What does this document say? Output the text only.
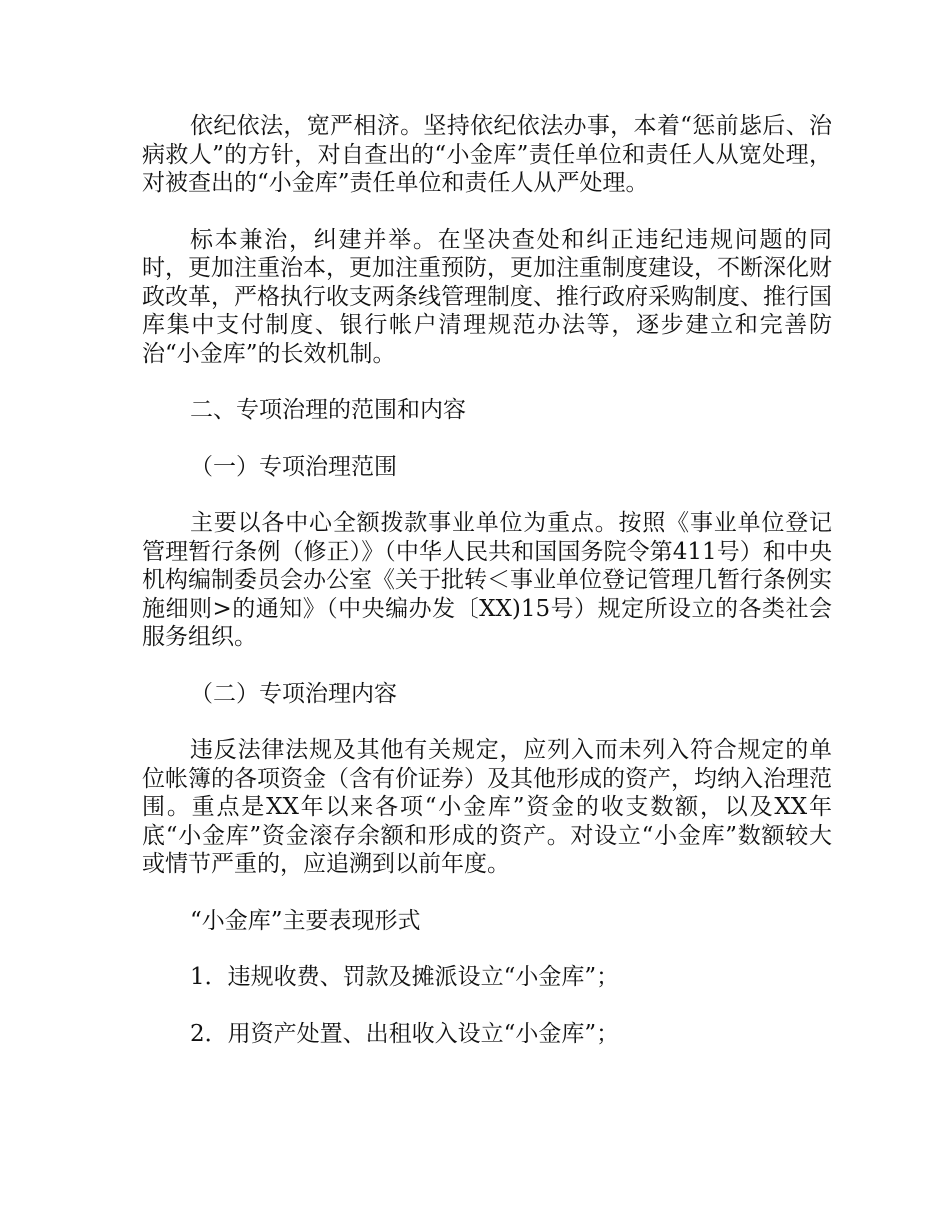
依纪依法，宽严相济。坚持依纪依法办事，本着“惩前毖后、治病救人”的方针，对自查出的“小金库”责任单位和责任人从宽处理，对被查出的“小金库”责任单位和责任人从严处理。

标本兼治，纠建并举。在坚决查处和纠正违纪违规问题的同时，更加注重治本，更加注重预防，更加注重制度建设，不断深化财政改革，严格执行收支两条线管理制度、推行政府采购制度、推行国库集中支付制度、银行帐户清理规范办法等，逐步建立和完善防治“小金库”的长效机制。

二、专项治理的范围和内容

（一）专项治理范围

主要以各中心全额拨款事业单位为重点。按照《事业单位登记管理暂行条例（修正）》（中华人民共和国国务院令第411号）和中央机构编制委员会办公室《关于批转＜事业单位登记管理几暂行条例实施细则>的通知》（中央编办发〔XX)15号）规定所设立的各类社会服务组织。

（二）专项治理内容

违反法律法规及其他有关规定，应列入而未列入符合规定的单位帐簿的各项资金（含有价证券）及其他形成的资产，均纳入治理范围。重点是XX年以来各项“小金库”资金的收支数额，以及XX年底“小金库”资金滚存余额和形成的资产。对设立“小金库”数额较大或情节严重的，应追溯到以前年度。

“小金库”主要表现形式

1．违规收费、罚款及摊派设立“小金库”；

2．用资产处置、出租收入设立“小金库”；
